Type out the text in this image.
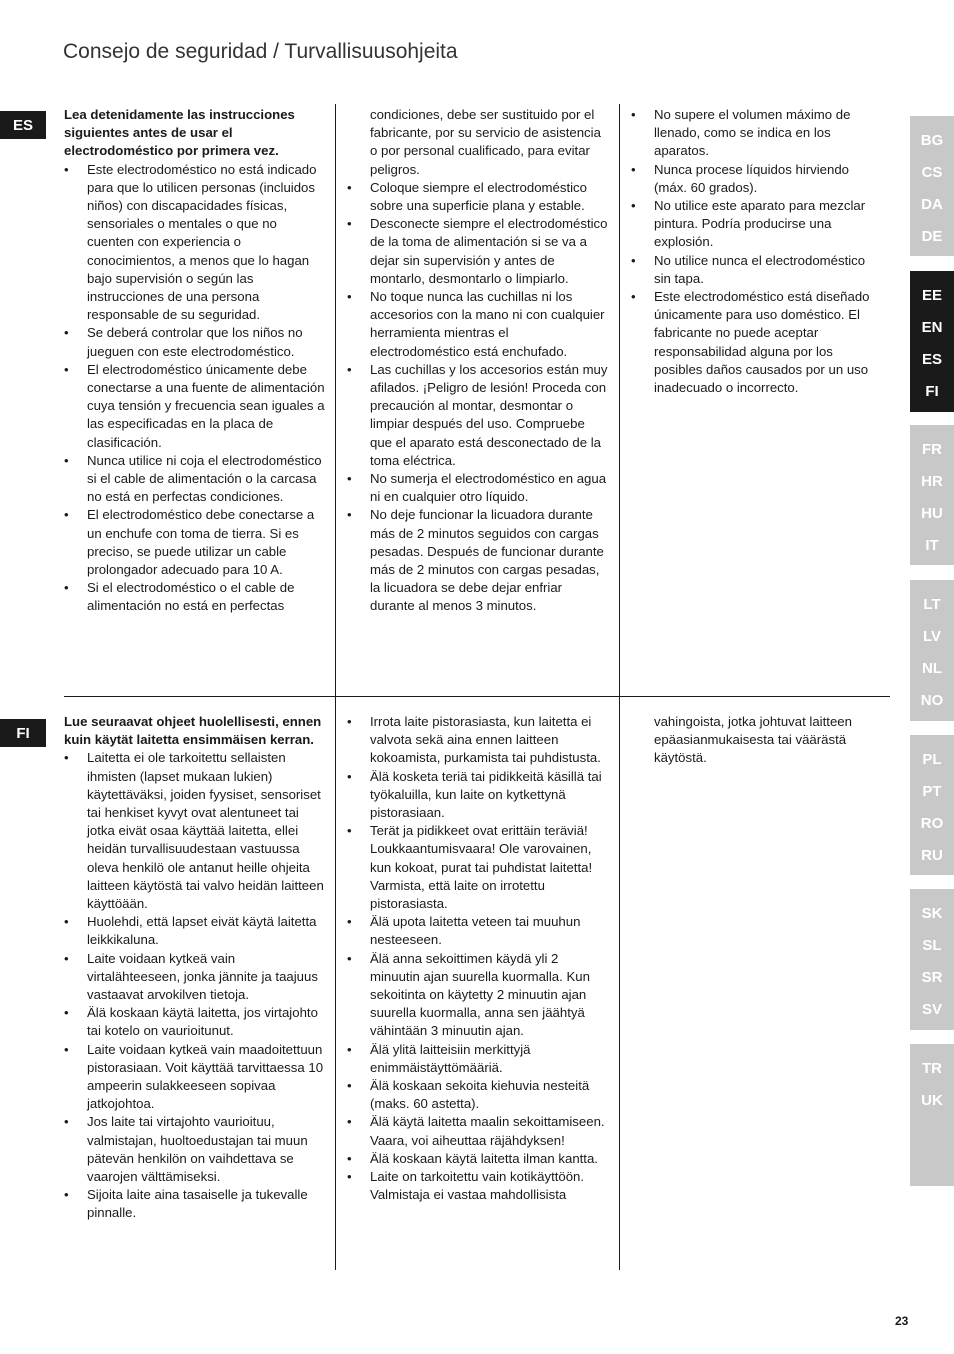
Consejo de seguridad / Turvallisuusohjeita
ES

Lea detenidamente las instrucciones siguientes antes de usar el electrodoméstico por primera vez.

• Este electrodoméstico no está indicado para que lo utilicen personas (incluidos niños) con discapacidades físicas, sensoriales o mentales o que no cuenten con experiencia o conocimientos, a menos que lo hagan bajo supervisión o según las instrucciones de una persona responsable de su seguridad.
• Se deberá controlar que los niños no jueguen con este electrodoméstico.
• El electrodoméstico únicamente debe conectarse a una fuente de alimentación cuya tensión y frecuencia sean iguales a las especificadas en la placa de clasificación.
• Nunca utilice ni coja el electrodoméstico si el cable de alimentación o la carcasa no está en perfectas condiciones.
• El electrodoméstico debe conectarse a un enchufe con toma de tierra. Si es preciso, se puede utilizar un cable prolongador adecuado para 10 A.
• Si el electrodoméstico o el cable de alimentación no está en perfectas

condiciones, debe ser sustituido por el fabricante, por su servicio de asistencia o por personal cualificado, para evitar peligros.

• Coloque siempre el electrodoméstico sobre una superficie plana y estable.
• Desconecte siempre el electrodoméstico de la toma de alimentación si se va a dejar sin supervisión y antes de montarlo, desmontarlo o limpiarlo.
• No toque nunca las cuchillas ni los accesorios con la mano ni con cualquier herramienta mientras el electrodoméstico está enchufado.
• Las cuchillas y los accesorios están muy afilados. ¡Peligro de lesión! Proceda con precaución al montar, desmontar o limpiar después del uso. Compruebe que el aparato está desconectado de la toma eléctrica.
• No sumerja el electrodoméstico en agua ni en cualquier otro líquido.
• No deje funcionar la licuadora durante más de 2 minutos seguidos con cargas pesadas. Después de funcionar durante más de 2 minutos con cargas pesadas, la licuadora se debe dejar enfriar durante al menos 3 minutos.
• No supere el volumen máximo de llenado, como se indica en los aparatos.
• Nunca procese líquidos hirviendo (máx. 60 grados).
• No utilice este aparato para mezclar pintura. Podría producirse una explosión.
• No utilice nunca el electrodoméstico sin tapa.
• Este electrodoméstico está diseñado únicamente para uso doméstico. El fabricante no puede aceptar responsabilidad alguna por los posibles daños causados por un uso inadecuado o incorrecto.
FI

Lue seuraavat ohjeet huolellisesti, ennen kuin käytät laitetta ensimmäisen kerran.

• Laitetta ei ole tarkoitettu sellaisten ihmisten (lapset mukaan lukien) käytettäväksi, joiden fyysiset, sensoriset tai henkiset kyvyt ovat alentuneet tai jotka eivät osaa käyttää laitetta, ellei heidän turvallisuudestaan vastuussa oleva henkilö ole antanut heille ohjeita laitteen käytöstä tai valvo heidän laitteen käyttöään.
• Huolehdi, että lapset eivät käytä laitetta leikkikaluna.
• Laite voidaan kytkeä vain virtalähteeseen, jonka jännite ja taajuus vastaavat arvokilven tietoja.
• Älä koskaan käytä laitetta, jos virtajohto tai kotelo on vaurioitunut.
• Laite voidaan kytkeä vain maadoitettuun pistorasiaan. Voit käyttää tarvittaessa 10 ampeerin sulakkeeseen sopivaa jatkojohtoa.
• Jos laite tai virtajohto vaurioituu, valmistajan, huoltoedustajan tai muun pätevän henkilön on vaihdettava se vaarojen välttämiseksi.
• Sijoita laite aina tasaiselle ja tukevalle pinnalle.
• Irrota laite pistorasiasta, kun laitetta ei valvota sekä aina ennen laitteen kokoamista, purkamista tai puhdistusta.
• Älä kosketa teriä tai pidikkeitä käsillä tai työkaluilla, kun laite on kytkettynä pistorasiaan.
• Terät ja pidikkeet ovat erittäin teräviä! Loukkaantumisvaara! Ole varovainen, kun kokoat, purat tai puhdistat laitetta! Varmista, että laite on irrotettu pistorasiasta.
• Älä upota laitetta veteen tai muuhun nesteeseen.
• Älä anna sekoittimen käydä yli 2 minuutin ajan suurella kuormalla. Kun sekoitinta on käytetty 2 minuutin ajan suurella kuormalla, anna sen jäähtyä vähintään 3 minuutin ajan.
• Älä ylitä laitteisiin merkittyjä enimmäistäyttömääriä.
• Älä koskaan sekoita kiehuvia nesteitä (maks. 60 astetta).
• Älä käytä laitetta maalin sekoittamiseen. Vaara, voi aiheuttaa räjähdyksen!
• Älä koskaan käytä laitetta ilman kantta.
• Laite on tarkoitettu vain kotikäyttöön. Valmistaja ei vastaa mahdollisista

vahingoista, jotka johtuvat laitteen epäasianmukaisesta tai väärästä käytöstä.

BG
CS
DA
DE
EE
EN
ES
FI
FR
HR
HU
IT
LT
LV
NL
NO
PL
PT
RO
RU
SK
SL
SR
SV
TR
UK
23
